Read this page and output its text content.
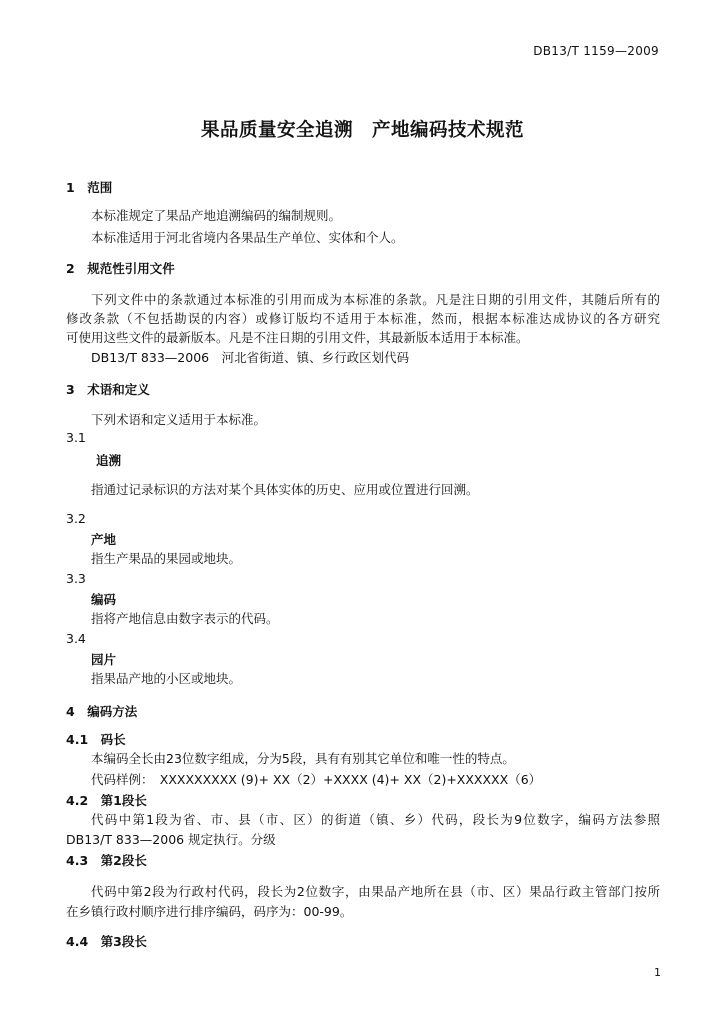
DB13/T 1159—2009
果品质量安全追溯　产地编码技术规范
1　范围
本标准规定了果品产地追溯编码的编制规则。
本标准适用于河北省境内各果品生产单位、实体和个人。
2　规范性引用文件
下列文件中的条款通过本标准的引用而成为本标准的条款。凡是注日期的引用文件，其随后所有的
修改条款（不包括勘误的内容）或修订版均不适用于本标准，然而，根据本标准达成协议的各方研究
可使用这些文件的最新版本。凡是不注日期的引用文件，其最新版本适用于本标准。
DB13/T 833—2006　河北省街道、镇、乡行政区划代码
3　术语和定义
下列术语和定义适用于本标准。
3.1
追溯
指通过记录标识的方法对某个具体实体的历史、应用或位置进行回溯。
3.2
产地
指生产果品的果园或地块。
3.3
编码
指将产地信息由数字表示的代码。
3.4
园片
指果品产地的小区或地块。
4　编码方法
4.1　码长
本编码全长由23位数字组成，分为5段，具有有别其它单位和唯一性的特点。
代码样例：　XXXXXXXXX (9)+ XX（2）+XXXX (4)+ XX（2)+XXXXXX（6）
4.2　第1段长
代码中第1段为省、市、县（市、区）的街道（镇、乡）代码，段长为9位数字，编码方法参照
DB13/T 833—2006 规定执行。分级
4.3　第2段长
代码中第2段为行政村代码，段长为2位数字，由果品产地所在县（市、区）果品行政主管部门按所
在乡镇行政村顺序进行排序编码，码序为：00-99。
4.4　第3段长
1
